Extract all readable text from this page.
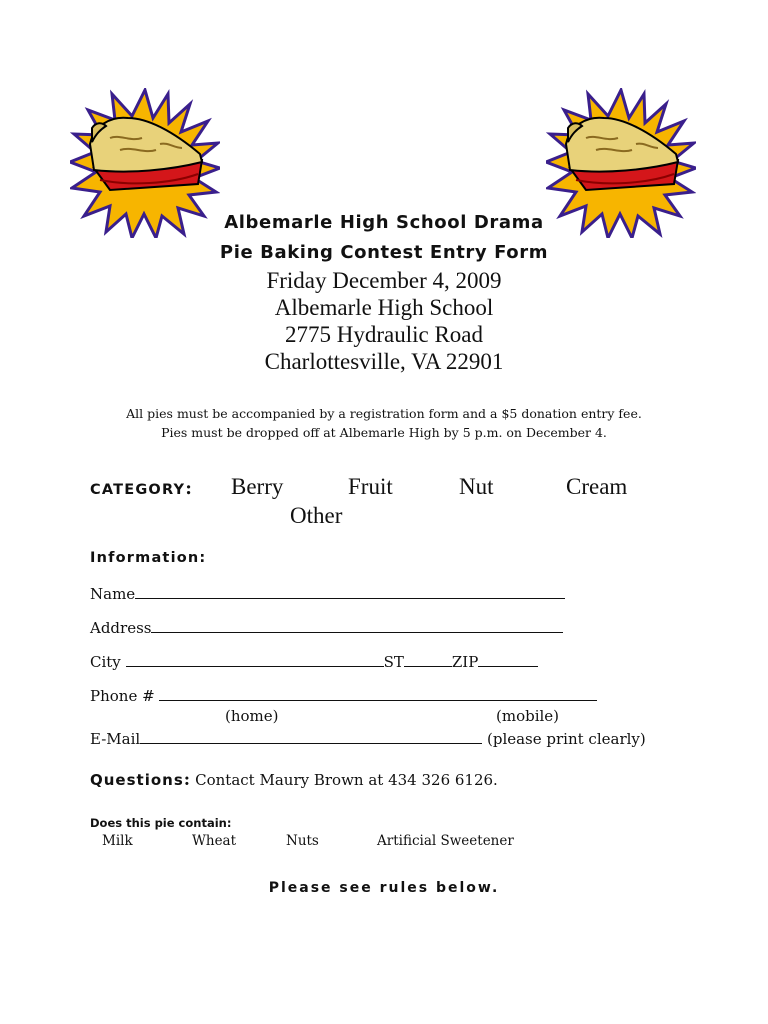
Albemarle High School Drama
Pie Baking Contest Entry Form
Friday December 4, 2009
Albemarle High School
2775 Hydraulic Road
Charlottesville, VA 22901
All pies must be accompanied by a registration form and a $5 donation entry fee.
Pies must be dropped off at Albemarle High by 5 p.m. on December 4.
CATEGORY: Berry	Fruit	Nut	Cream
Other
Information:
Name
Address
City	ST	ZIP
Phone #
(home)	(mobile)
E-Mail	(please print clearly)
Questions: Contact Maury Brown at 434 326 6126.
Does this pie contain:
Milk	Wheat	Nuts	Artificial Sweetener
Please see rules below.
